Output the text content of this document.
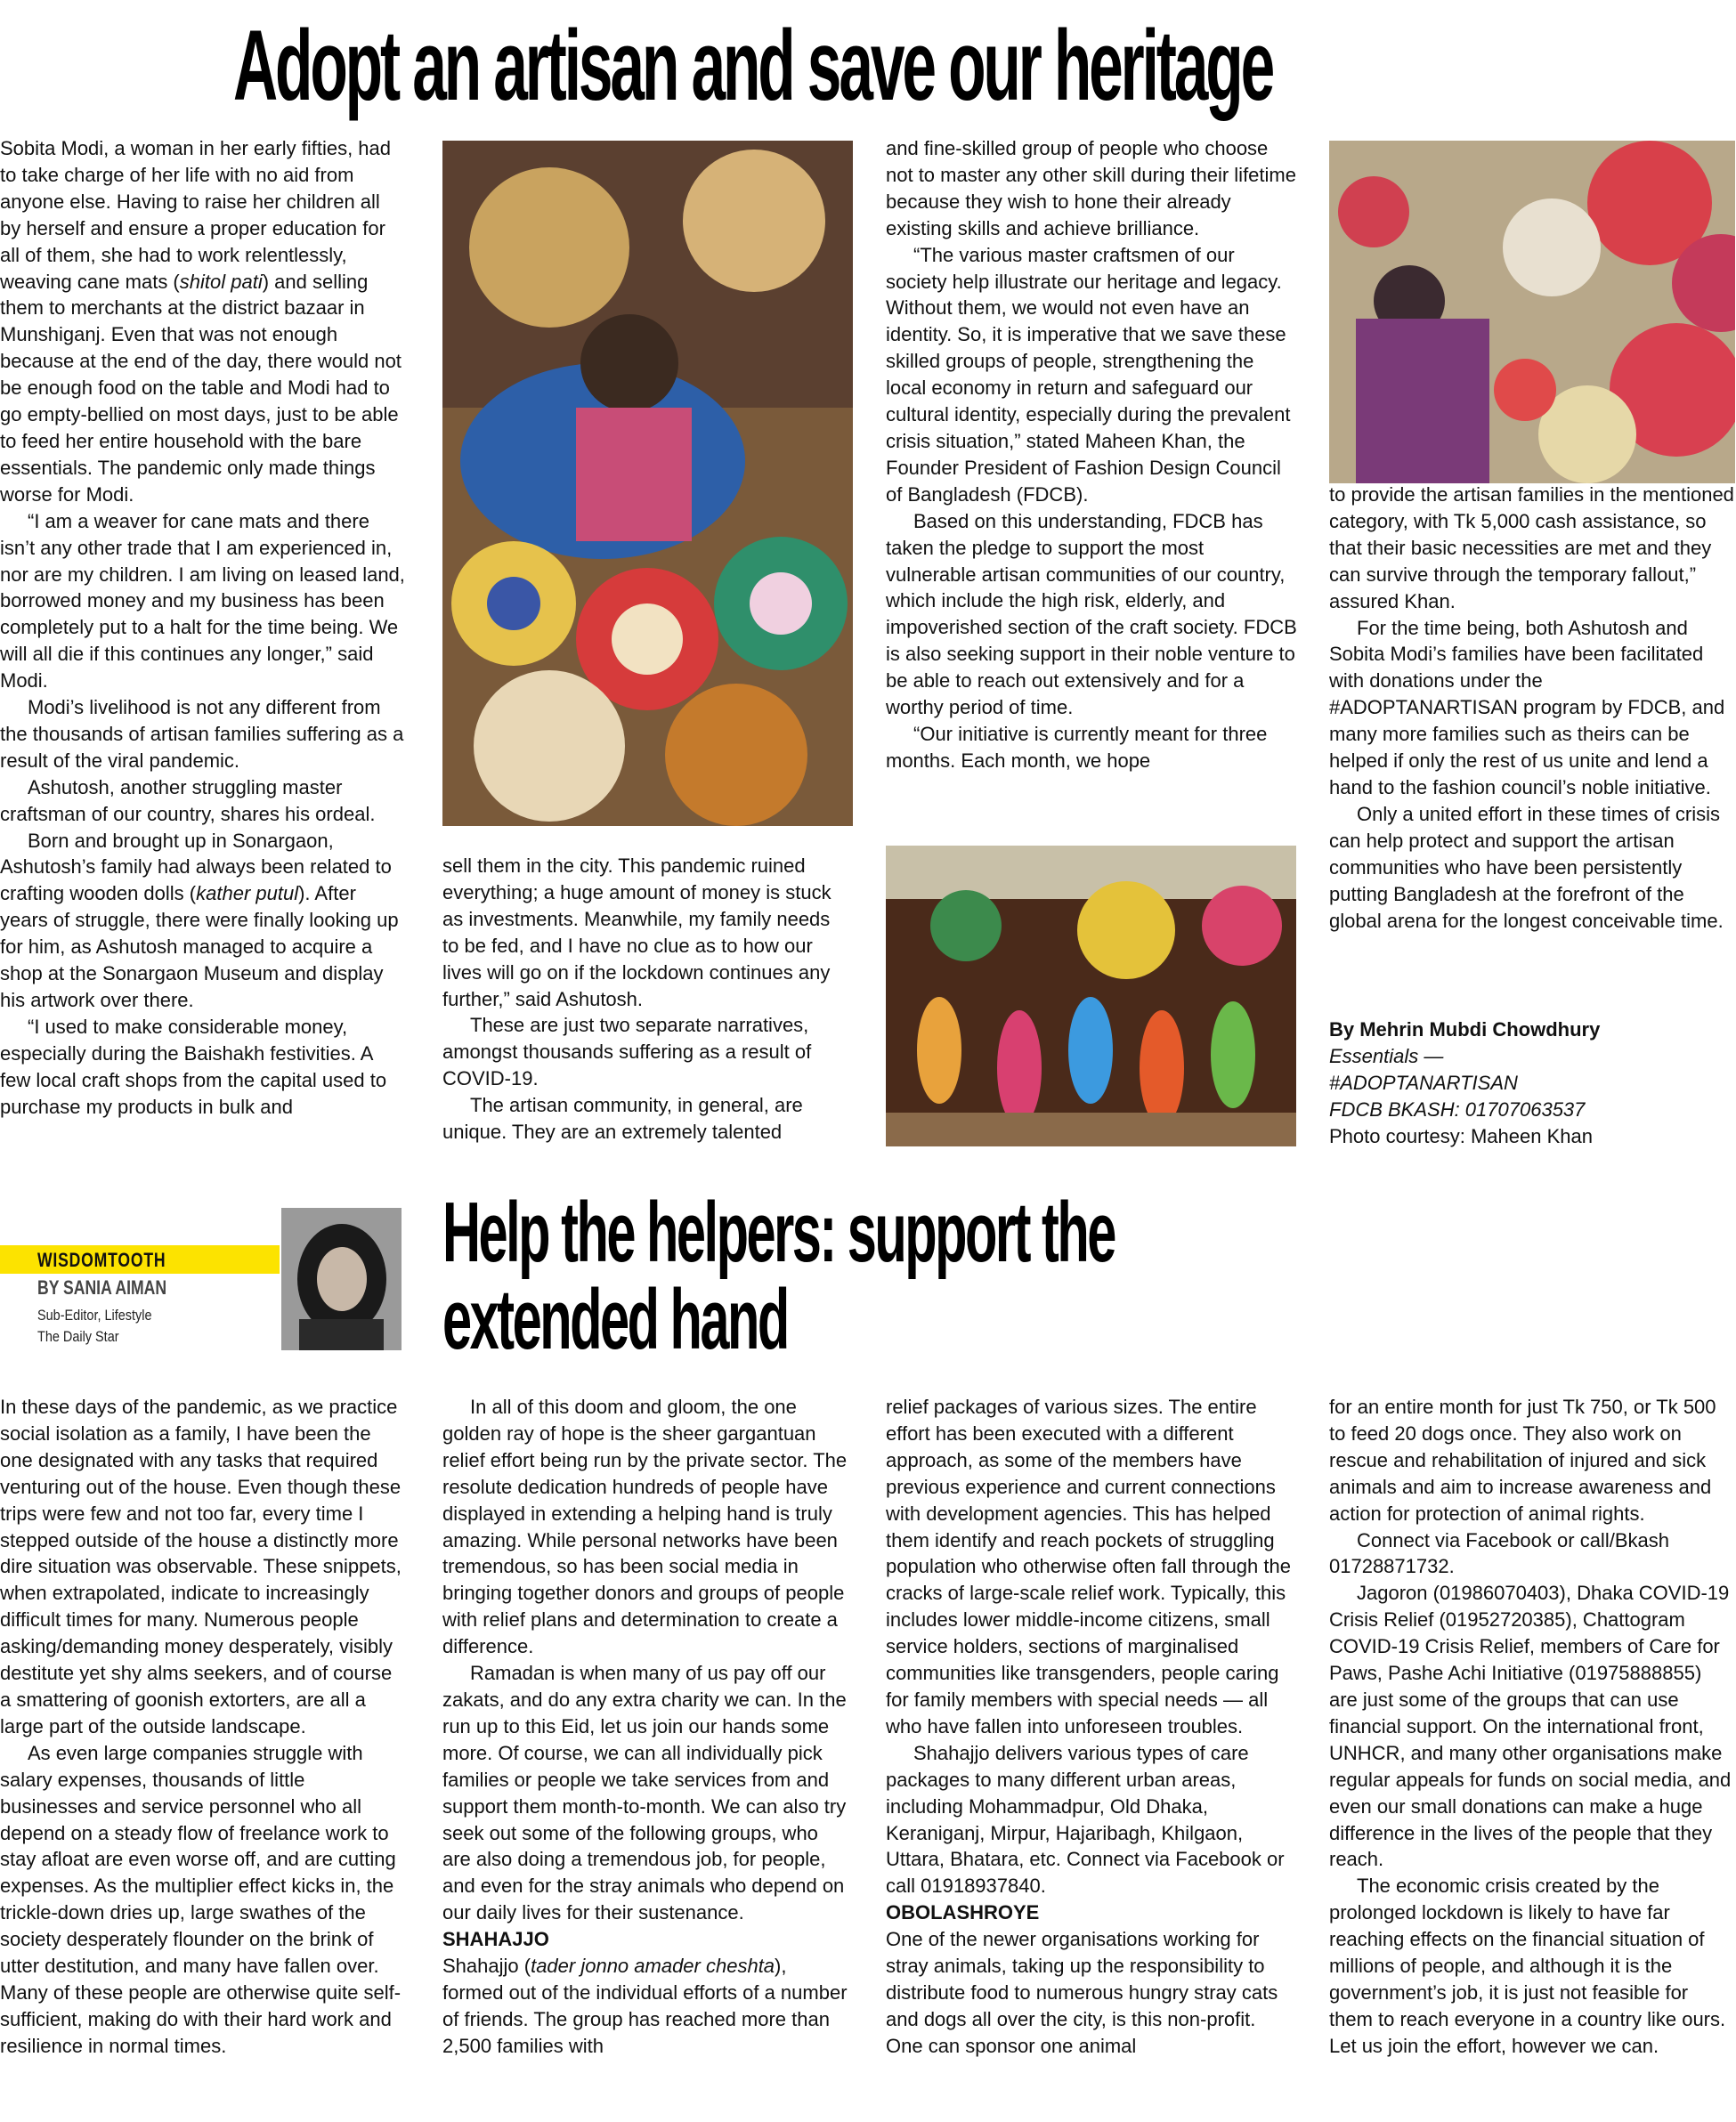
Adopt an artisan and save our heritage

Sobita Modi, a woman in her early fifties, had to take charge of her life with no aid from anyone else. Having to raise her children all by herself and ensure a proper education for all of them, she had to work relentlessly, weaving cane mats (shitol pati) and selling them to merchants at the district bazaar in Munshiganj. Even that was not enough because at the end of the day, there would not be enough food on the table and Modi had to go empty-bellied on most days, just to be able to feed her entire household with the bare essentials. The pandemic only made things worse for Modi.

“I am a weaver for cane mats and there isn’t any other trade that I am experienced in, nor are my children. I am living on leased land, borrowed money and my business has been completely put to a halt for the time being. We will all die if this continues any longer,” said Modi.

Modi’s livelihood is not any different from the thousands of artisan families suffering as a result of the viral pandemic.

Ashutosh, another struggling master craftsman of our country, shares his ordeal.

Born and brought up in Sonargaon, Ashutosh’s family had always been related to crafting wooden dolls (kather putul). After years of struggle, there were finally looking up for him, as Ashutosh managed to acquire a shop at the Sonargaon Museum and display his artwork over there.

“I used to make considerable money, especially during the Baishakh festivities. A few local craft shops from the capital used to purchase my products in bulk and

sell them in the city. This pandemic ruined everything; a huge amount of money is stuck as investments. Meanwhile, my family needs to be fed, and I have no clue as to how our lives will go on if the lockdown continues any further,” said Ashutosh.

These are just two separate narratives, amongst thousands suffering as a result of COVID-19.

The artisan community, in general, are unique. They are an extremely talented

and fine-skilled group of people who choose not to master any other skill during their lifetime because they wish to hone their already existing skills and achieve brilliance.

“The various master craftsmen of our society help illustrate our heritage and legacy. Without them, we would not even have an identity. So, it is imperative that we save these skilled groups of people, strengthening the local economy in return and safeguard our cultural identity, especially during the prevalent crisis situation,” stated Maheen Khan, the Founder President of Fashion Design Council of Bangladesh (FDCB).

Based on this understanding, FDCB has taken the pledge to support the most vulnerable artisan communities of our country, which include the high risk, elderly, and impoverished section of the craft society. FDCB is also seeking support in their noble venture to be able to reach out extensively and for a worthy period of time.

“Our initiative is currently meant for three months. Each month, we hope

to provide the artisan families in the mentioned category, with Tk 5,000 cash assistance, so that their basic necessities are met and they can survive through the temporary fallout,” assured Khan.

For the time being, both Ashutosh and Sobita Modi’s families have been facilitated with donations under the #ADOPTANARTISAN program by FDCB, and many more families such as theirs can be helped if only the rest of us unite and lend a hand to the fashion council’s noble initiative.

Only a united effort in these times of crisis can help protect and support the artisan communities who have been persistently putting Bangladesh at the forefront of the global arena for the longest conceivable time.

By Mehrin Mubdi Chowdhury
Essentials —
#ADOPTANARTISAN
FDCB BKASH: 01707063537
Photo courtesy: Maheen Khan
WISDOMTOOTH
BY SANIA AIMAN
Sub-Editor, Lifestyle
The Daily Star
Help the helpers: support the
extended hand

In these days of the pandemic, as we practice social isolation as a family, I have been the one designated with any tasks that required venturing out of the house. Even though these trips were few and not too far, every time I stepped outside of the house a distinctly more dire situation was observable. These snippets, when extrapolated, indicate to increasingly difficult times for many. Numerous people asking/demanding money desperately, visibly destitute yet shy alms seekers, and of course a smattering of goonish extorters, are all a large part of the outside landscape.

As even large companies struggle with salary expenses, thousands of little businesses and service personnel who all depend on a steady flow of freelance work to stay afloat are even worse off, and are cutting expenses. As the multiplier effect kicks in, the trickle-down dries up, large swathes of the society desperately flounder on the brink of utter destitution, and many have fallen over. Many of these people are otherwise quite self-sufficient, making do with their hard work and resilience in normal times.

In all of this doom and gloom, the one golden ray of hope is the sheer gargantuan relief effort being run by the private sector. The resolute dedication hundreds of people have displayed in extending a helping hand is truly amazing. While personal networks have been tremendous, so has been social media in bringing together donors and groups of people with relief plans and determination to create a difference.

Ramadan is when many of us pay off our zakats, and do any extra charity we can. In the run up to this Eid, let us join our hands some more. Of course, we can all individually pick families or people we take services from and support them month-to-month. We can also try seek out some of the following groups, who are also doing a tremendous job, for people, and even for the stray animals who depend on our daily lives for their sustenance.

SHAHAJJO

Shahajjo (tader jonno amader cheshta), formed out of the individual efforts of a number of friends. The group has reached more than 2,500 families with

relief packages of various sizes. The entire effort has been executed with a different approach, as some of the members have previous experience and current connections with development agencies. This has helped them identify and reach pockets of struggling population who otherwise often fall through the cracks of large-scale relief work. Typically, this includes lower middle-income citizens, small service holders, sections of marginalised communities like transgenders, people caring for family members with special needs — all who have fallen into unforeseen troubles.

Shahajjo delivers various types of care packages to many different urban areas, including Mohammadpur, Old Dhaka, Keraniganj, Mirpur, Hajaribagh, Khilgaon, Uttara, Bhatara, etc. Connect via Facebook or call 01918937840.

OBOLASHROYE

One of the newer organisations working for stray animals, taking up the responsibility to distribute food to numerous hungry stray cats and dogs all over the city, is this non-profit. One can sponsor one animal

for an entire month for just Tk 750, or Tk 500 to feed 20 dogs once. They also work on rescue and rehabilitation of injured and sick animals and aim to increase awareness and action for protection of animal rights.

Connect via Facebook or call/Bkash 01728871732.

Jagoron (01986070403), Dhaka COVID-19 Crisis Relief (01952720385), Chattogram COVID-19 Crisis Relief, members of Care for Paws, Pashe Achi Initiative (01975888855) are just some of the groups that can use financial support. On the international front, UNHCR, and many other organisations make regular appeals for funds on social media, and even our small donations can make a huge difference in the lives of the people that they reach.

The economic crisis created by the prolonged lockdown is likely to have far reaching effects on the financial situation of millions of people, and although it is the government’s job, it is just not feasible for them to reach everyone in a country like ours. Let us join the effort, however we can.
